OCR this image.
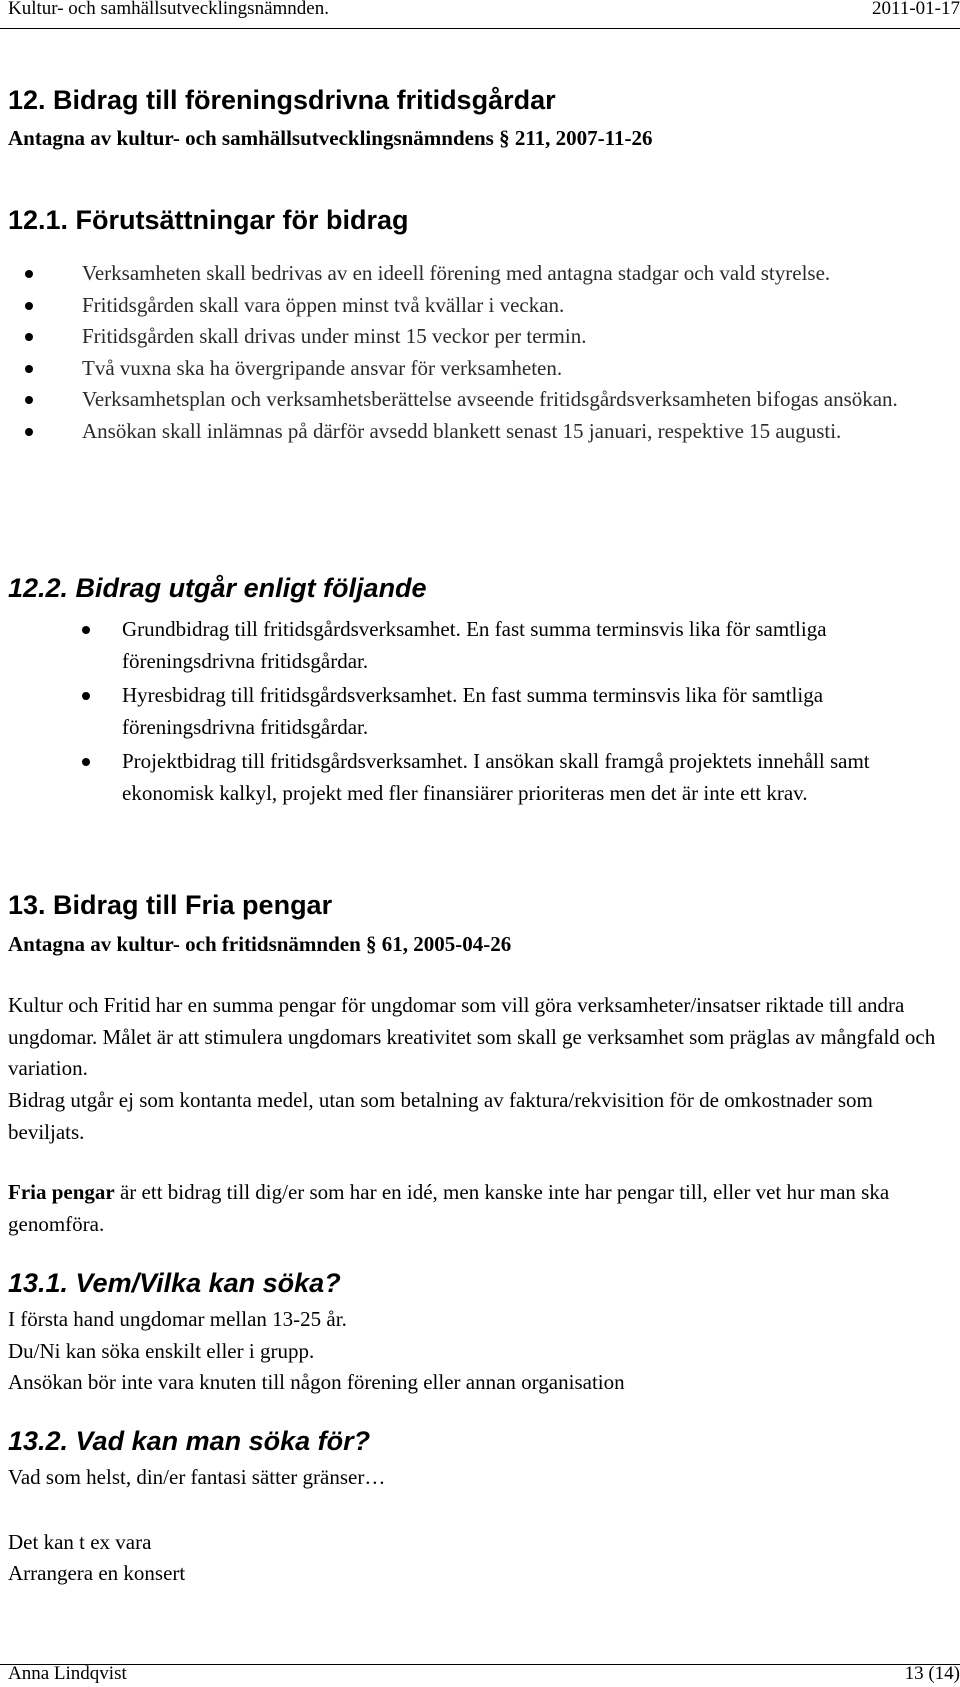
Kultur- och samhällsutvecklingsnämnden.	2011-01-17
12. Bidrag till föreningsdrivna fritidsgårdar
Antagna av kultur- och samhällsutvecklingsnämndens § 211, 2007-11-26
12.1. Förutsättningar för bidrag
Verksamheten skall bedrivas av en ideell förening med antagna stadgar och vald styrelse.
Fritidsgården skall vara öppen minst två kvällar i veckan.
Fritidsgården skall drivas under minst 15 veckor per termin.
Två vuxna ska ha övergripande ansvar för verksamheten.
Verksamhetsplan och verksamhetsberättelse avseende fritidsgårdsverksamheten bifogas ansökan.
Ansökan skall inlämnas på därför avsedd blankett senast 15 januari, respektive 15 augusti.
12.2. Bidrag utgår enligt följande
Grundbidrag till fritidsgårdsverksamhet. En fast summa terminsvis lika för samtliga föreningsdrivna fritidsgårdar.
Hyresbidrag till fritidsgårdsverksamhet. En fast summa terminsvis lika för samtliga föreningsdrivna fritidsgårdar.
Projektbidrag till fritidsgårdsverksamhet. I ansökan skall framgå projektets innehåll samt ekonomisk kalkyl, projekt med fler finansiärer prioriteras men det är inte ett krav.
13. Bidrag till Fria pengar
Antagna av kultur- och fritidsnämnden § 61, 2005-04-26

Kultur och Fritid har en summa pengar för ungdomar som vill göra verksamheter/insatser riktade till andra ungdomar. Målet är att stimulera ungdomars kreativitet som skall ge verksamhet som präglas av mångfald och variation.

Bidrag utgår ej som kontanta medel, utan som betalning av faktura/rekvisition för de omkostnader som beviljats.

Fria pengar är ett bidrag till dig/er som har en idé, men kanske inte har pengar till, eller vet hur man ska genomföra.

13.1. Vem/Vilka kan söka?
I första hand ungdomar mellan 13-25 år.
Du/Ni kan söka enskilt eller i grupp.
Ansökan bör inte vara knuten till någon förening eller annan organisation
13.2. Vad kan man söka för?
Vad som helst, din/er fantasi sätter gränser…
Det kan t ex vara
Arrangera en konsert
Anna Lindqvist	13 (14)
